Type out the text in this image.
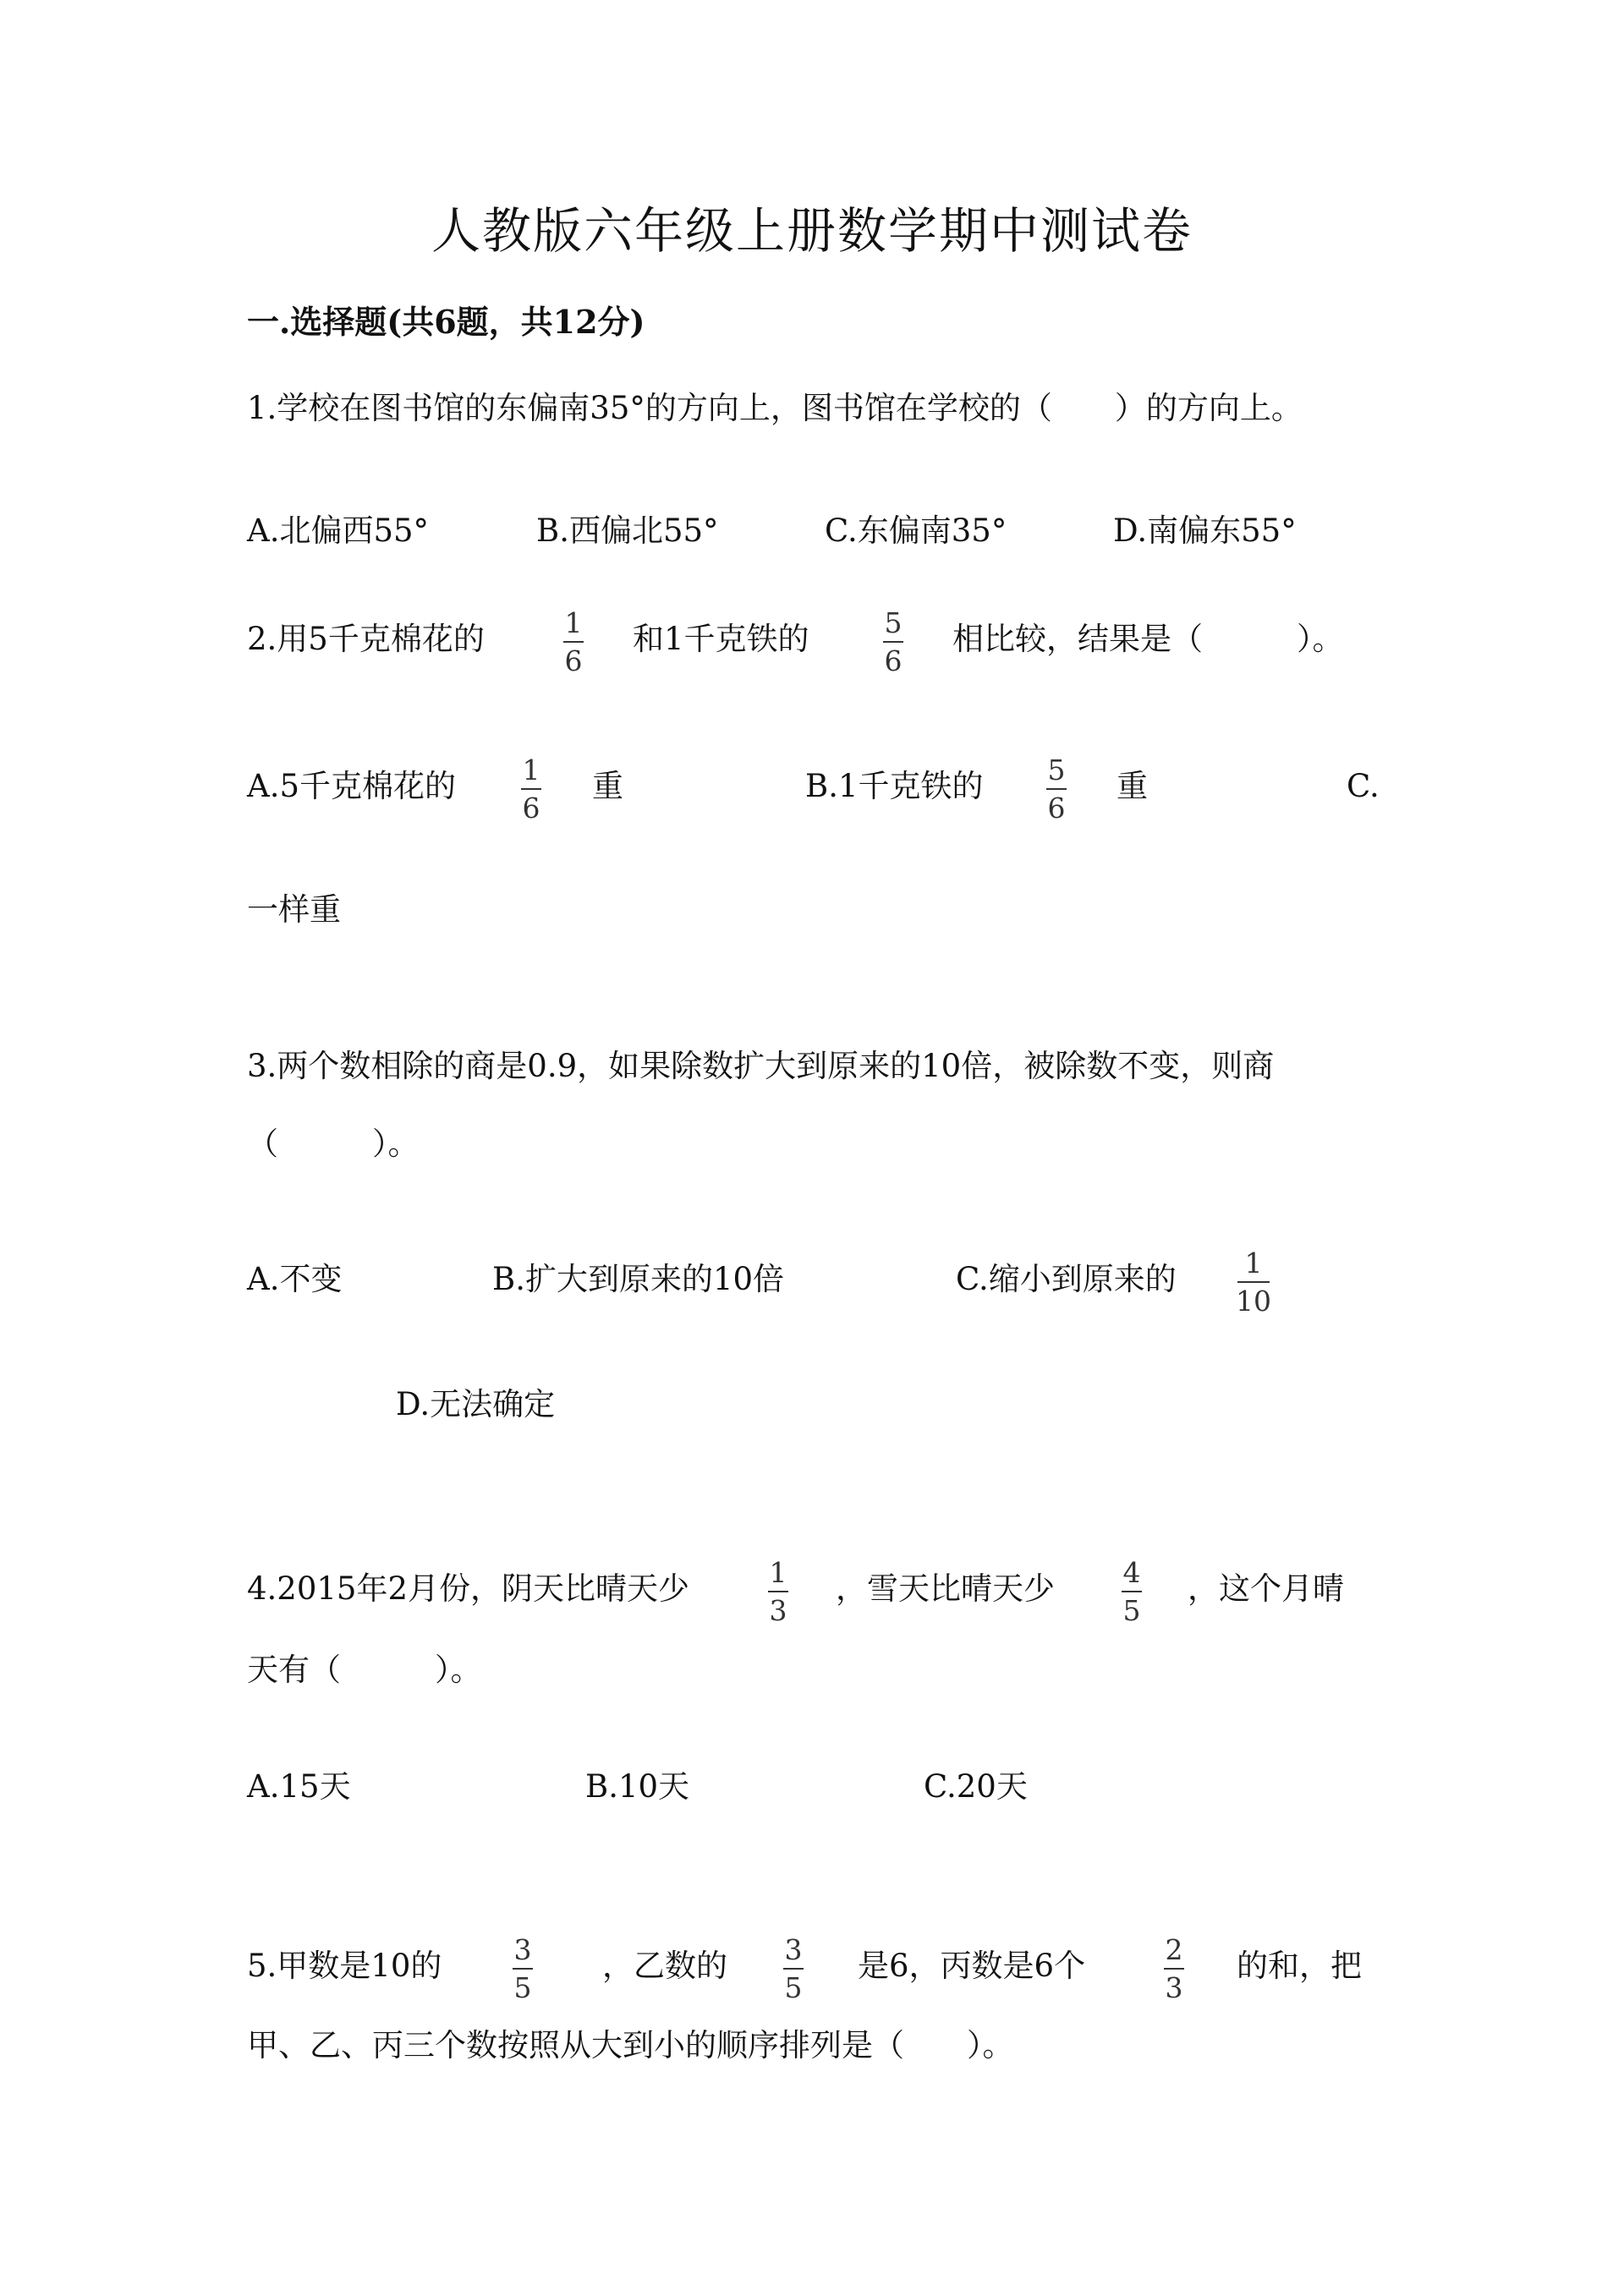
人教版六年级上册数学期中测试卷
一.选择题(共6题，共12分)
1.学校在图书馆的东偏南35°的方向上，图书馆在学校的（　　）的方向上。
A.北偏西55°	B.西偏北55°	C.东偏南35°	D.南偏东55°
2.用5千克棉花的	1
6
和1千克铁的	5
6
相比较，结果是（　　　）。
A.5千克棉花的	1
6
重	B.1千克铁的	5
6
重	C.
一样重
3.两个数相除的商是0.9，如果除数扩大到原来的10倍，被除数不变，则商
（　　　）。
A.不变	B.扩大到原来的10倍	C.缩小到原来的	1
10
D.无法确定
4.2015年2月份，阴天比晴天少	1
3
，雪天比晴天少	4
5
，这个月晴
天有（　　　）。
A.15天	B.10天	C.20天
5.甲数是10的	3
5
，乙数的	3
5
是6，丙数是6个	2
3
的和，把
甲、乙、丙三个数按照从大到小的顺序排列是（　　）。
